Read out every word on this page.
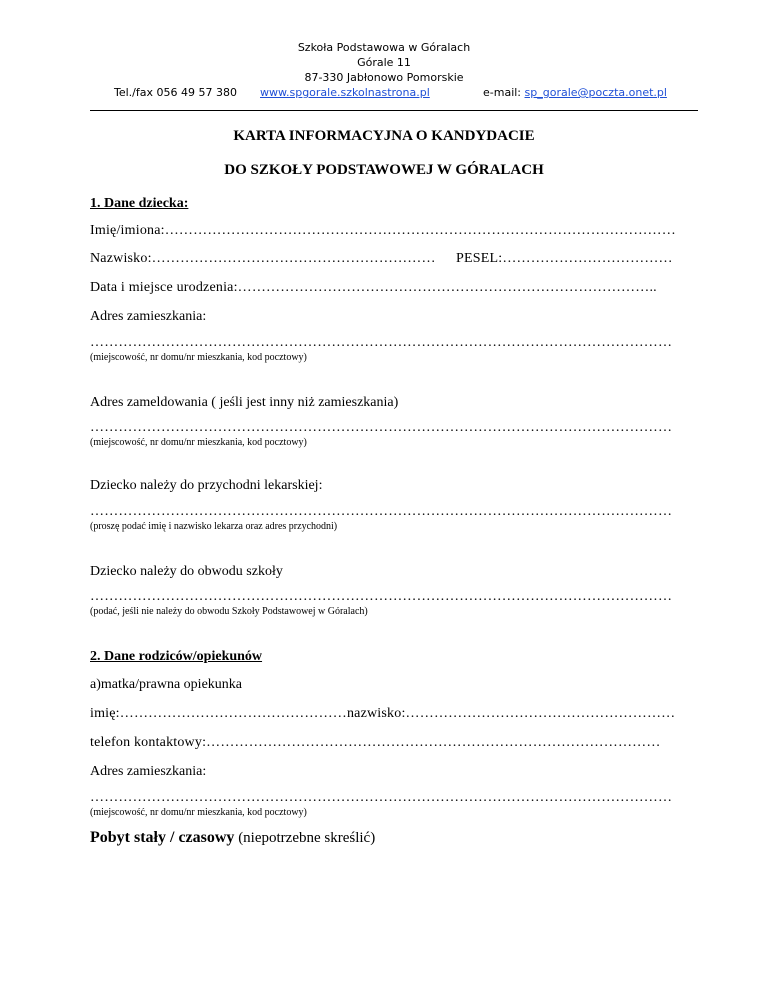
Szkoła Podstawowa w Góralach
Górale 11
87-330 Jabłonowo Pomorskie
Tel./fax 056 49 57 380 www.spgorale.szkolnastrona.pl	e-mail: sp_gorale@poczta.onet.pl
KARTA INFORMACYJNA O KANDYDACIE
DO SZKOŁY PODSTAWOWEJ W GÓRALACH
1. Dane dziecka:
Imię/imiona:………………………………………………………………………………………………
Nazwisko:…………………………………………………… PESEL:………………………………
Data i miejsce urodzenia:……………………………………………………………………………..
Adres zamieszkania:
……………………………………………………………………………………………………………
(miejscowość, nr domu/nr mieszkania, kod pocztowy)
Adres zameldowania ( jeśli jest inny niż zamieszkania)
……………………………………………………………………………………………………………
(miejscowość, nr domu/nr mieszkania, kod pocztowy)
Dziecko należy do przychodni lekarskiej:
……………………………………………………………………………………………………………
(proszę podać imię i nazwisko lekarza oraz adres przychodni)
Dziecko należy do obwodu szkoły
……………………………………………………………………………………………………………
(podać, jeśli nie należy do obwodu Szkoły Podstawowej w Góralach)
2. Dane rodziców/opiekunów
a)matka/prawna opiekunka
imię:…………………………………………nazwisko:…………………………………………………
telefon kontaktowy:……………………………………………………………………………………
Adres zamieszkania:
……………………………………………………………………………………………………………
(miejscowość, nr domu/nr mieszkania, kod pocztowy)
Pobyt stały / czasowy (niepotrzebne skreślić)
